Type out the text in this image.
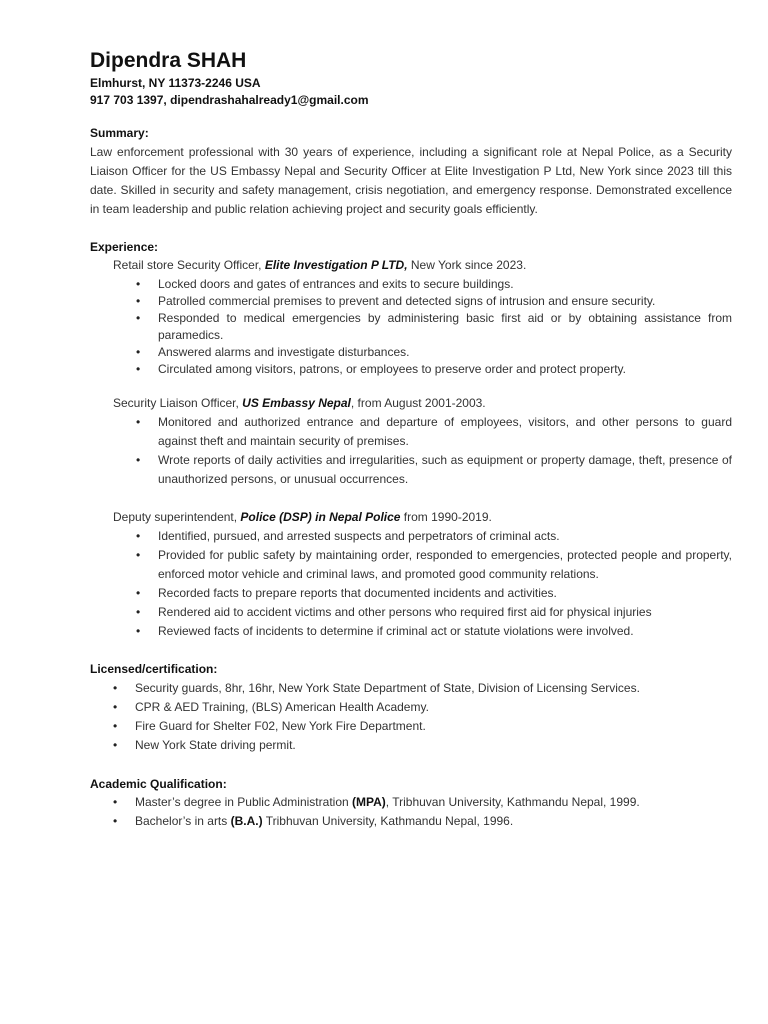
Dipendra SHAH
Elmhurst, NY 11373-2246 USA
917 703 1397, dipendrashahalready1@gmail.com
Summary:
Law enforcement professional with 30 years of experience, including a significant role at Nepal Police, as a Security Liaison Officer for the US Embassy Nepal and Security Officer at Elite Investigation P Ltd, New York since 2023 till this date. Skilled in security and safety management, crisis negotiation, and emergency response. Demonstrated excellence in team leadership and public relation achieving project and security goals efficiently.
Experience:
Retail store Security Officer, Elite Investigation P LTD, New York since 2023.
• Locked doors and gates of entrances and exits to secure buildings.
• Patrolled commercial premises to prevent and detected signs of intrusion and ensure security.
• Responded to medical emergencies by administering basic first aid or by obtaining assistance from paramedics.
• Answered alarms and investigate disturbances.
• Circulated among visitors, patrons, or employees to preserve order and protect property.
Security Liaison Officer, US Embassy Nepal, from August 2001-2003.
• Monitored and authorized entrance and departure of employees, visitors, and other persons to guard against theft and maintain security of premises.
• Wrote reports of daily activities and irregularities, such as equipment or property damage, theft, presence of unauthorized persons, or unusual occurrences.
Deputy superintendent, Police (DSP) in Nepal Police from 1990-2019.
• Identified, pursued, and arrested suspects and perpetrators of criminal acts.
• Provided for public safety by maintaining order, responded to emergencies, protected people and property, enforced motor vehicle and criminal laws, and promoted good community relations.
• Recorded facts to prepare reports that documented incidents and activities.
• Rendered aid to accident victims and other persons who required first aid for physical injuries
• Reviewed facts of incidents to determine if criminal act or statute violations were involved.
Licensed/certification:
• Security guards, 8hr, 16hr, New York State Department of State, Division of Licensing Services.
• CPR & AED Training, (BLS) American Health Academy.
• Fire Guard for Shelter F02, New York Fire Department.
• New York State driving permit.
Academic Qualification:
• Master’s degree in Public Administration (MPA), Tribhuvan University, Kathmandu Nepal, 1999.
• Bachelor’s in arts (B.A.) Tribhuvan University, Kathmandu Nepal, 1996.
